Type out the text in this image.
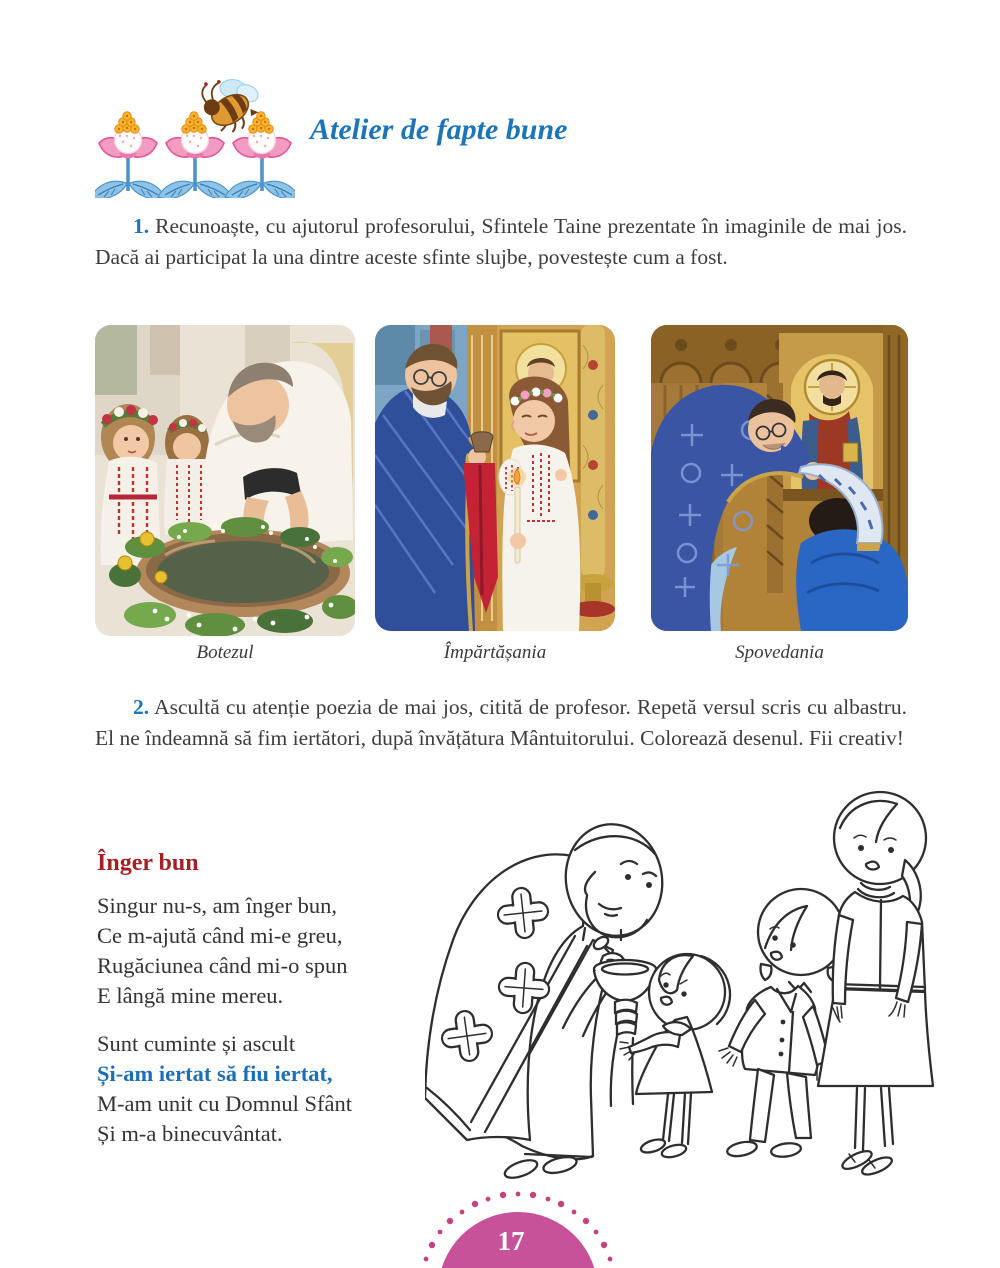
Atelier de fapte bune

1. Recunoaște, cu ajutorul profesorului, Sfintele Taine prezentate în imaginile de mai jos. Dacă ai participat la una dintre aceste sfinte slujbe, povestește cum a fost.

Botezul	Împărtășania	Spovedania

2. Ascultă cu atenție poezia de mai jos, citită de profesor. Repetă versul scris cu albastru. El ne îndeamnă să fim iertători, după învățătura Mântuitorului. Colorează desenul. Fii creativ!

Înger bun

Singur nu-s, am înger bun,
Ce m-ajută când mi-e greu,
Rugăciunea când mi-o spun
E lângă mine mereu.

Sunt cuminte și ascult
Și-am iertat să fiu iertat,
M-am unit cu Domnul Sfânt
Și m-a binecuvântat.

17
